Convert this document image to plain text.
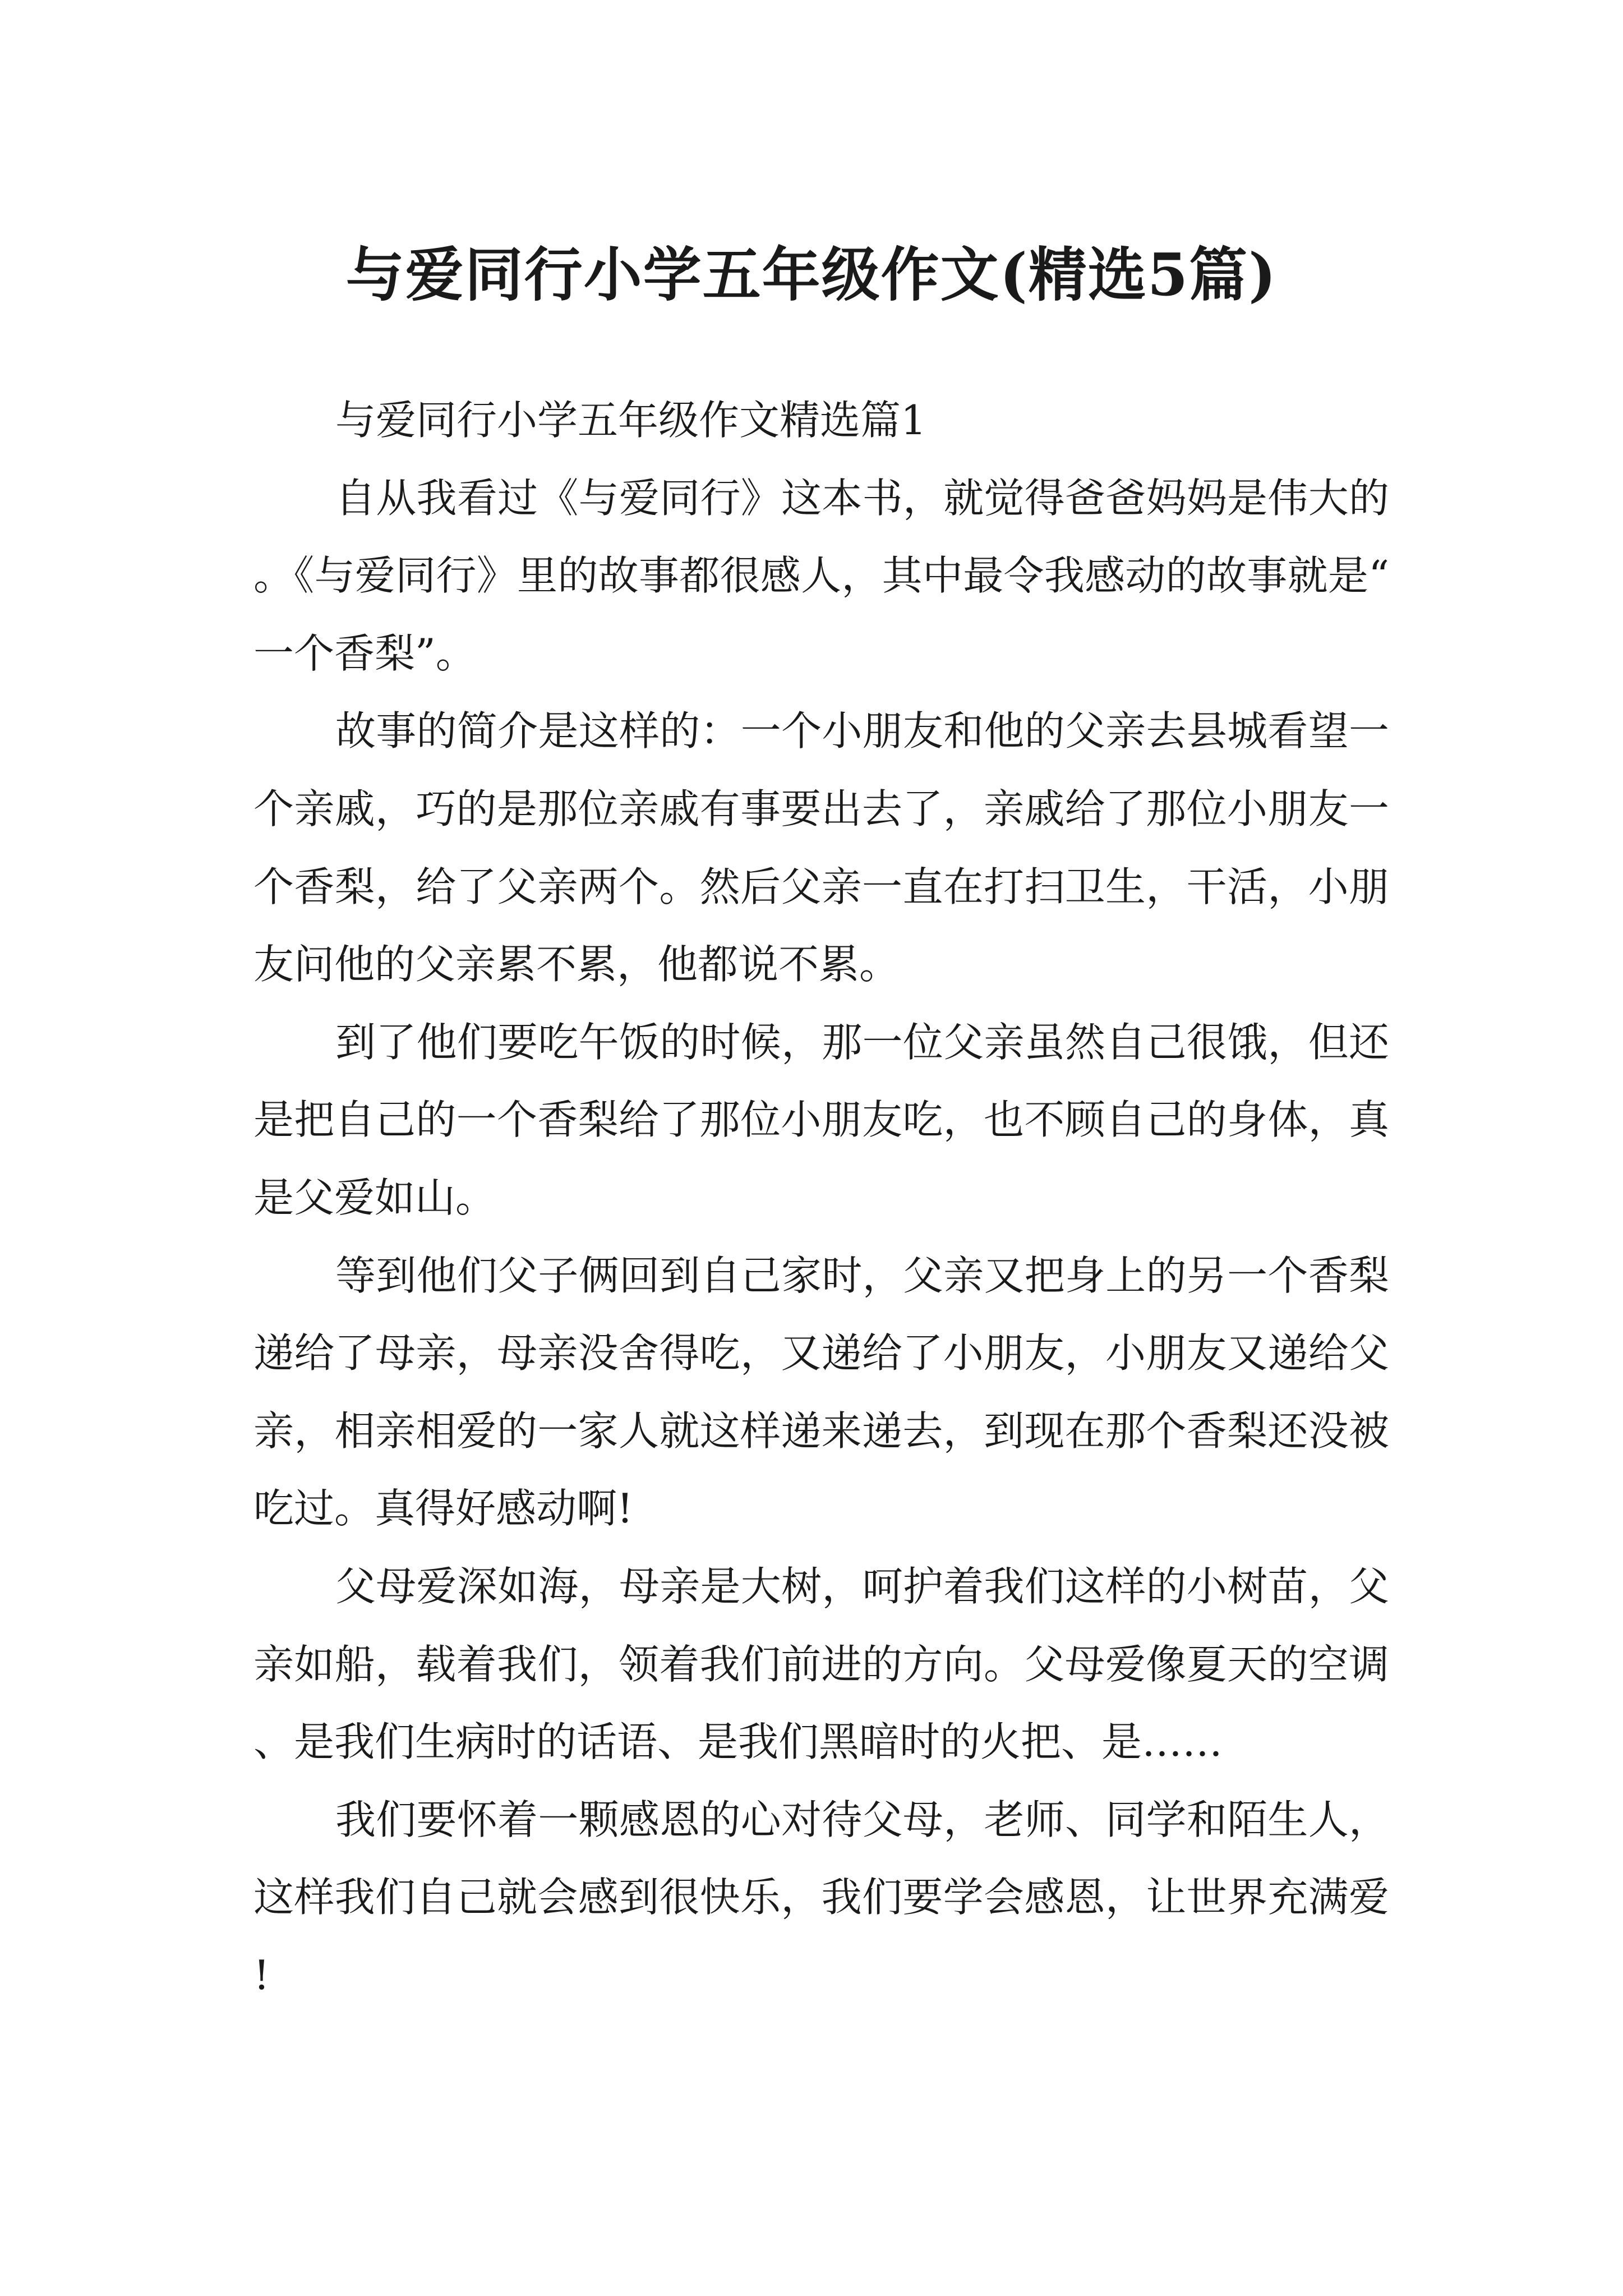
与爱同行小学五年级作文(精选5篇)

与爱同行小学五年级作文精选篇1

自从我看过《与爱同行》这本书，就觉得爸爸妈妈是伟大的。《与爱同行》里的故事都很感人，其中最令我感动的故事就是“一个香梨”。

故事的简介是这样的：一个小朋友和他的父亲去县城看望一个亲戚，巧的是那位亲戚有事要出去了，亲戚给了那位小朋友一个香梨，给了父亲两个。然后父亲一直在打扫卫生，干活，小朋友问他的父亲累不累，他都说不累。

到了他们要吃午饭的时候，那一位父亲虽然自己很饿，但还是把自己的一个香梨给了那位小朋友吃，也不顾自己的身体，真是父爱如山。

等到他们父子俩回到自己家时，父亲又把身上的另一个香梨递给了母亲，母亲没舍得吃，又递给了小朋友，小朋友又递给父亲，相亲相爱的一家人就这样递来递去，到现在那个香梨还没被吃过。真得好感动啊!

父母爱深如海，母亲是大树，呵护着我们这样的小树苗，父亲如船，载着我们，领着我们前进的方向。父母爱像夏天的空调、是我们生病时的话语、是我们黑暗时的火把、是……

我们要怀着一颗感恩的心对待父母，老师、同学和陌生人，这样我们自己就会感到很快乐，我们要学会感恩，让世界充满爱!
